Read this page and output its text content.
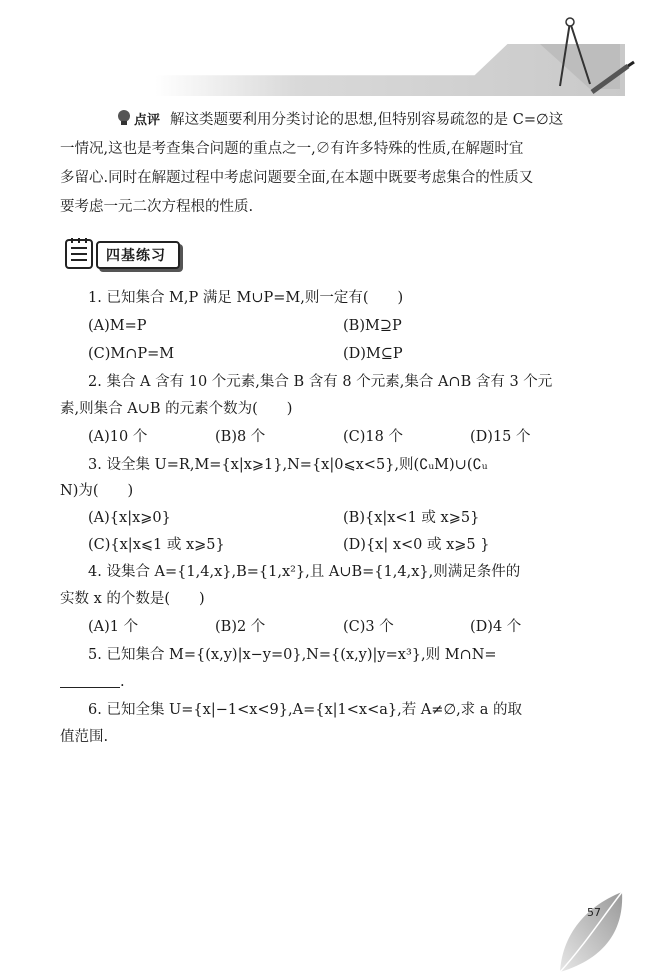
点评 解这类题要利用分类讨论的思想,但特别容易疏忽的是 C=∅这
一情况,这也是考查集合问题的重点之一,∅有许多特殊的性质,在解题时宜
多留心.同时在解题过程中考虑问题要全面,在本题中既要考虑集合的性质又
要考虑一元二次方程根的性质.
四基练习
1. 已知集合 M,P 满足 M∪P=M,则一定有(　　)
(A)M=P	(B)M⊇P
(C)M∩P=M	(D)M⊆P
2. 集合 A 含有 10 个元素,集合 B 含有 8 个元素,集合 A∩B 含有 3 个元
素,则集合 A∪B 的元素个数为(　　)
(A)10 个	(B)8 个	(C)18 个	(D)15 个
3. 设全集 U=R,M={x|x⩾1},N={x|0⩽x<5},则(∁ᵤM)∪(∁ᵤ
N)为(　　)
(A){x|x⩾0}	(B){x|x<1 或 x⩾5}
(C){x|x⩽1 或 x⩾5}	(D){x| x<0 或 x⩾5 }
4. 设集合 A={1,4,x},B={1,x²},且 A∪B={1,4,x},则满足条件的
实数 x 的个数是(　　)
(A)1 个	(B)2 个	(C)3 个	(D)4 个
5. 已知集合 M={(x,y)|x−y=0},N={(x,y)|y=x³},则 M∩N=
.
6. 已知全集 U={x|−1<x<9},A={x|1<x<a},若 A≠∅,求 a 的取
值范围.
57
